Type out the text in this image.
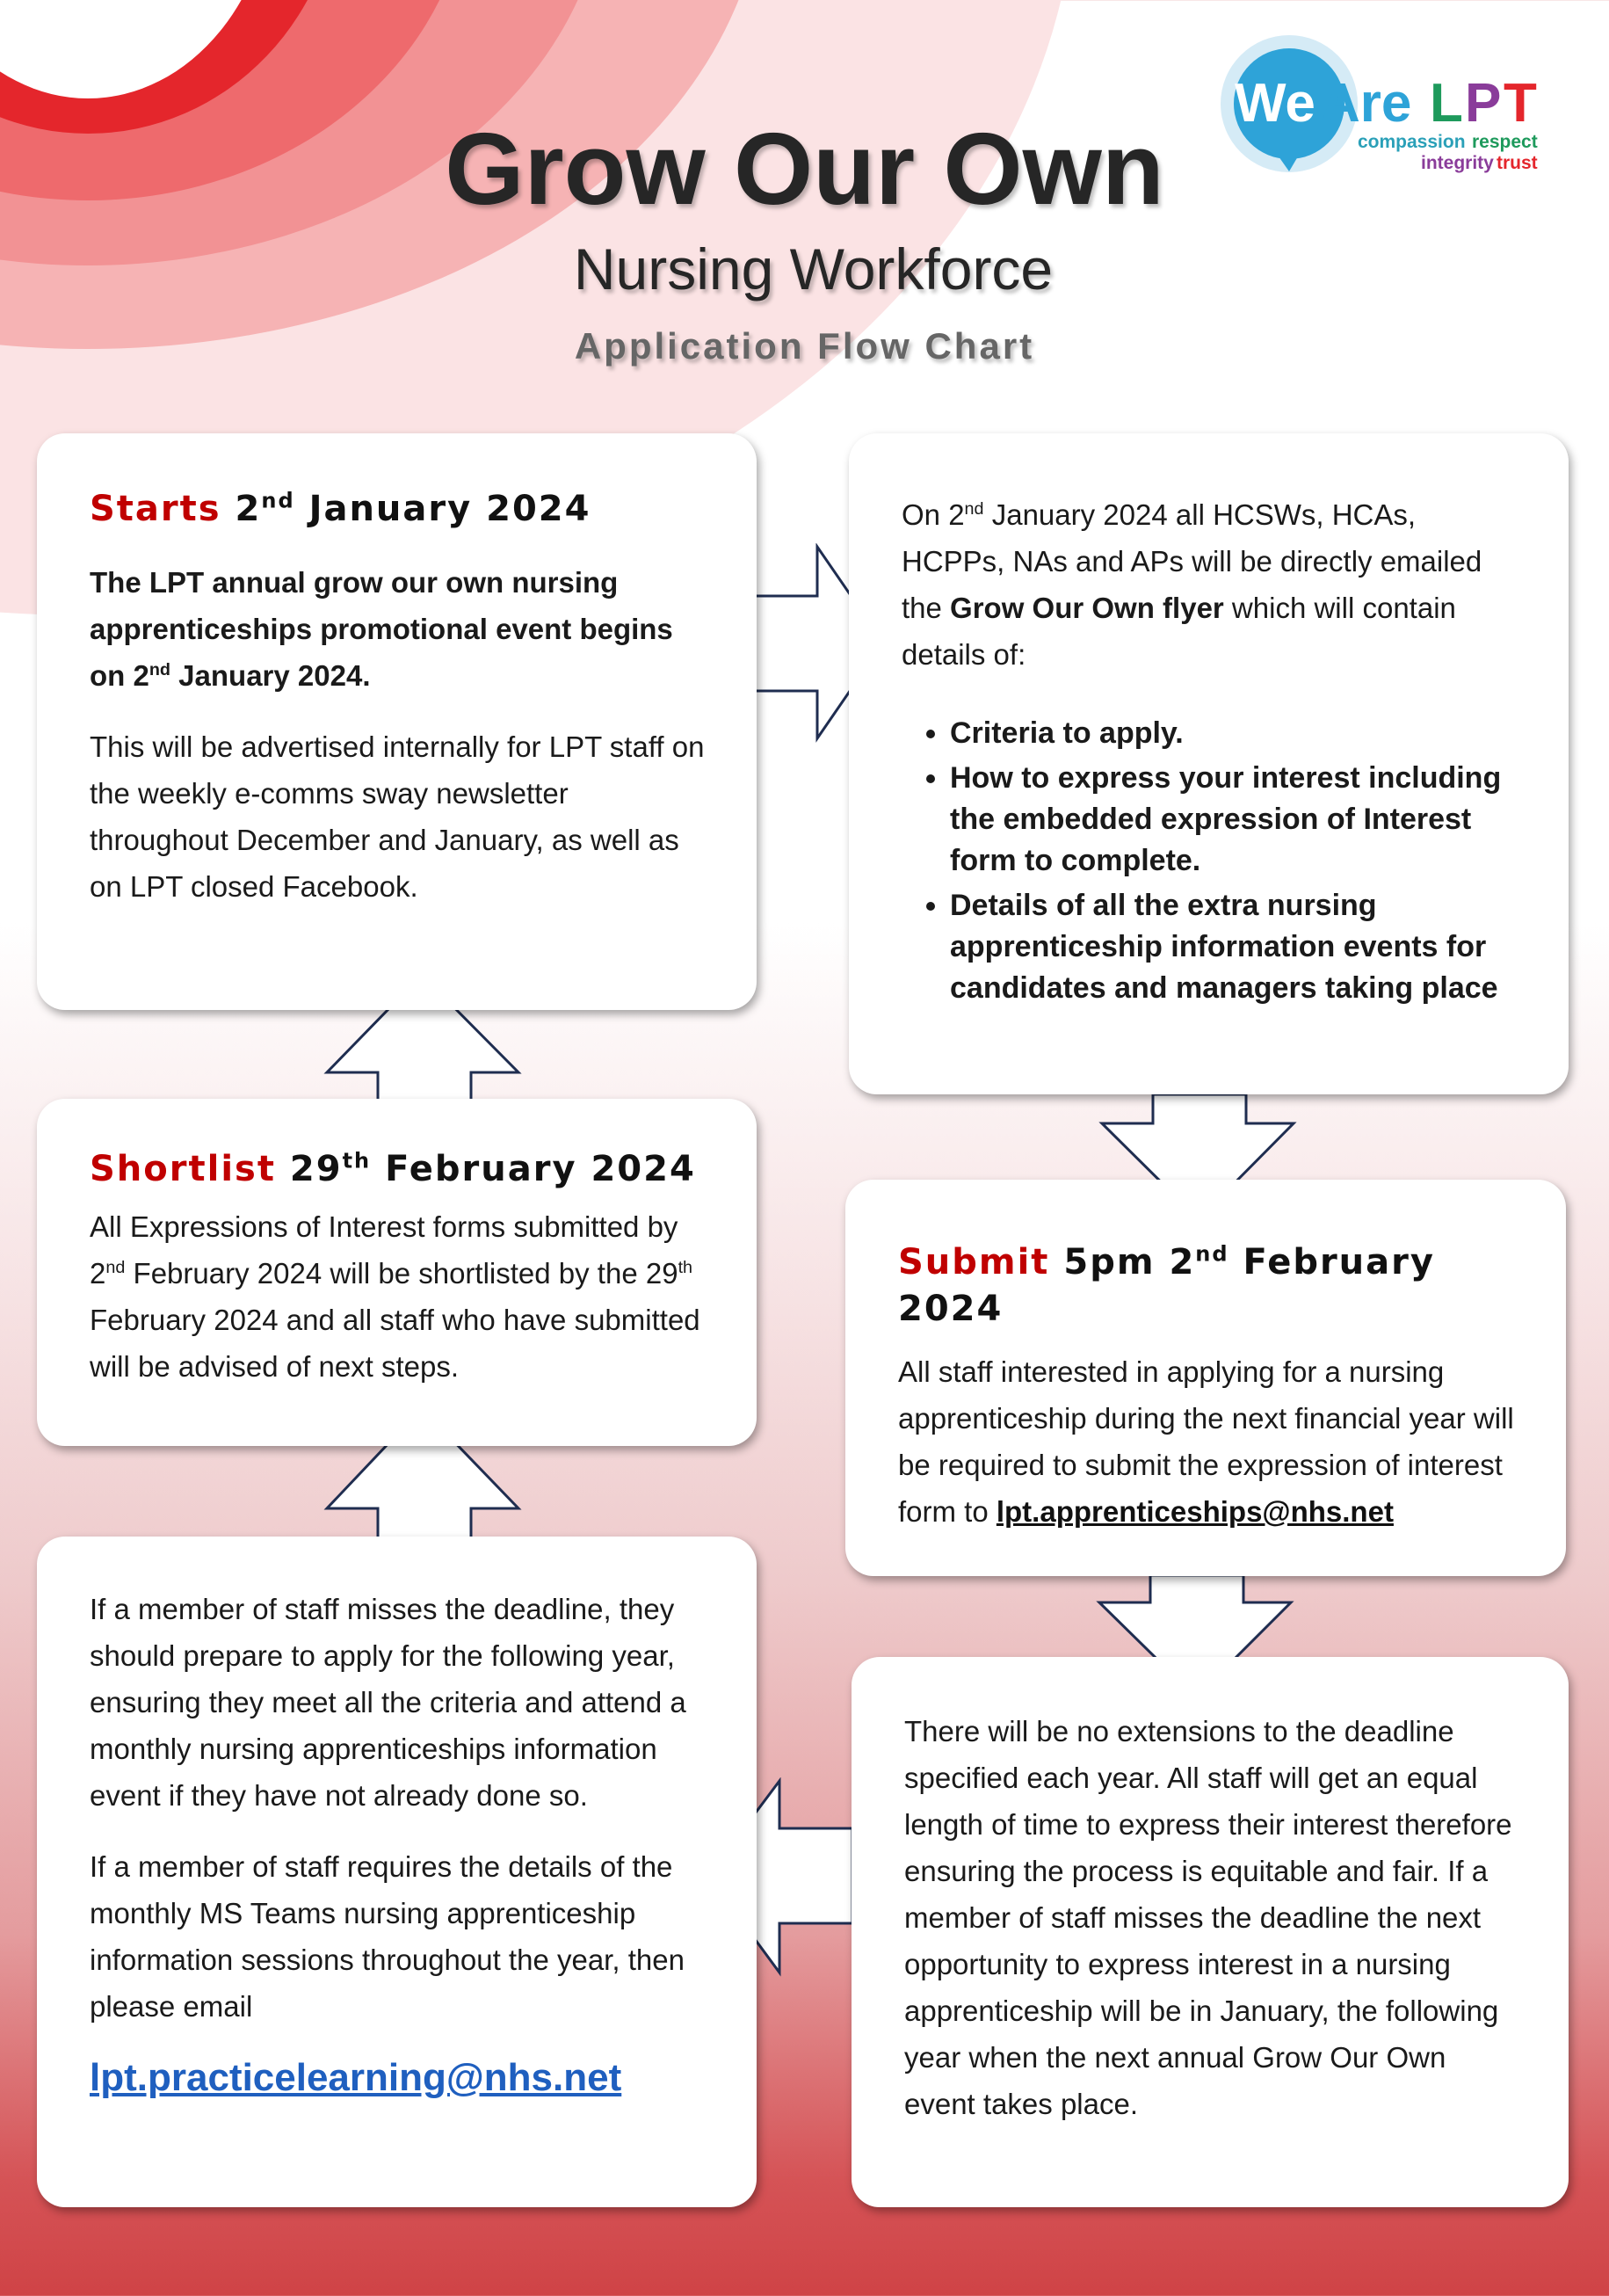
Grow Our Own
Nursing Workforce
Application Flow Chart
We Are L P T
compassion respect
integrity trust
Starts 2nd January 2024

The LPT annual grow our own nursing apprenticeships promotional event begins on 2nd January 2024.

This will be advertised internally for LPT staff on the weekly e-comms sway newsletter throughout December and January, as well as on LPT closed Facebook.

On 2nd January 2024 all HCSWs, HCAs, HCPPs, NAs and APs will be directly emailed the Grow Our Own flyer which will contain details of:

• Criteria to apply.
• How to express your interest including the embedded expression of Interest form to complete.
• Details of all the extra nursing apprenticeship information events for candidates and managers taking place
Shortlist 29th February 2024

All Expressions of Interest forms submitted by 2nd February 2024 will be shortlisted by the 29th February 2024 and all staff who have submitted will be advised of next steps.

Submit 5pm 2nd February 2024

All staff interested in applying for a nursing apprenticeship during the next financial year will be required to submit the expression of interest form to lpt.apprenticeships@nhs.net

If a member of staff misses the deadline, they should prepare to apply for the following year, ensuring they meet all the criteria and attend a monthly nursing apprenticeships information event if they have not already done so.

If a member of staff requires the details of the monthly MS Teams nursing apprenticeship information sessions throughout the year, then please email

lpt.practicelearning@nhs.net

There will be no extensions to the deadline specified each year. All staff will get an equal length of time to express their interest therefore ensuring the process is equitable and fair. If a member of staff misses the deadline the next opportunity to express interest in a nursing apprenticeship will be in January, the following year when the next annual Grow Our Own event takes place.
